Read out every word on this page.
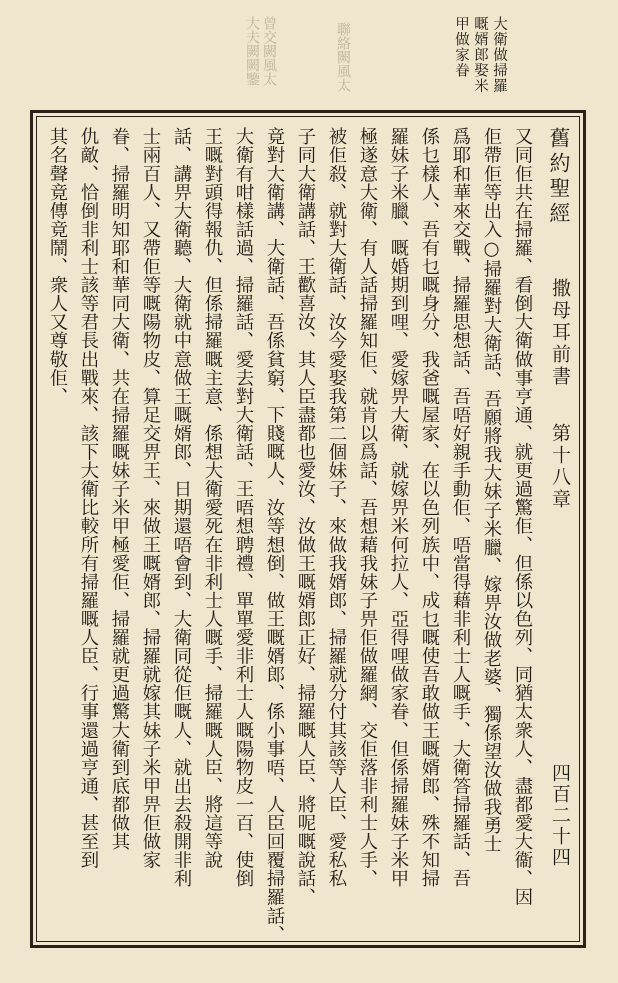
大衛做掃羅
嘅婿郎娶米
甲做家眷
曾交闕風太
大夫闕闕鑒	聯絡闕風太
舊約聖經
撒母耳前書
第十八章
四百二十四
又同佢共在掃羅、看倒大衛做事亨通、就更過驚佢、但係以色列、同猶太衆人、盡都愛大衞、因
佢帶佢等出入○掃羅對大衛話、吾願將我大妹子米臘、嫁畀汝做老婆、獨係望汝做我勇士
爲耶和華來交戰、掃羅思想話、吾唔好親手動佢、唔當得藉非利士人嘅手、大衛答掃羅話、吾
係乜樣人、吾有乜嘅身分、我爸嘅屋家、在以色列族中、成乜嘅使吾敢做王嘅婿郎、殊不知掃
羅妹子米臘、嘅婚期到哩、愛嫁畀大衛、就嫁畀米何拉人、亞得哩做家眷、但係掃羅妹子米甲
極遂意大衛、有人話掃羅知佢、就肯以爲話、吾想藉我妹子畀佢做羅網、交佢落非利士人手、
被佢殺、就對大衛話、汝今愛娶我第二個妹子、來做我婿郎、掃羅就分付其該等人臣、愛私私
子同大衛講話、王歡喜汝、其人臣盡都也愛汝、汝做王嘅婿郎正好、掃羅嘅人臣、將呢嘅說話、
竟對大衛講、大衛話、吾係貧窮、下賤嘅人、汝等想倒、做王嘅婿郎、係小事唔、人臣回覆掃羅話、
大衛有咁樣話過、掃羅話、愛去對大衛話、王唔想聘禮、單單愛非利士人嘅陽物皮一百、使倒
王嘅對頭得報仇、但係掃羅嘅主意、係想大衛愛死在非利士人嘅手、掃羅嘅人臣、將這等說
話、講畀大衛聽、大衛就中意做王嘅婿郎、日期還唔會到、大衛同從佢嘅人、就出去殺開非利
士兩百人、又帶佢等嘅陽物皮、算足交畀王、來做王嘅婿郎、掃羅就嫁其妹子米甲畀佢做家
眷、掃羅明知耶和華同大衛、共在掃羅嘅妹子米甲極愛佢、掃羅就更過驚大衛到底都做其
仇敵、恰倒非利士該等君長出戰來、該下大衛比較所有掃羅嘅人臣、行事還過亨通、甚至到
其名聲竟傳竟鬧、衆人又尊敬佢、
